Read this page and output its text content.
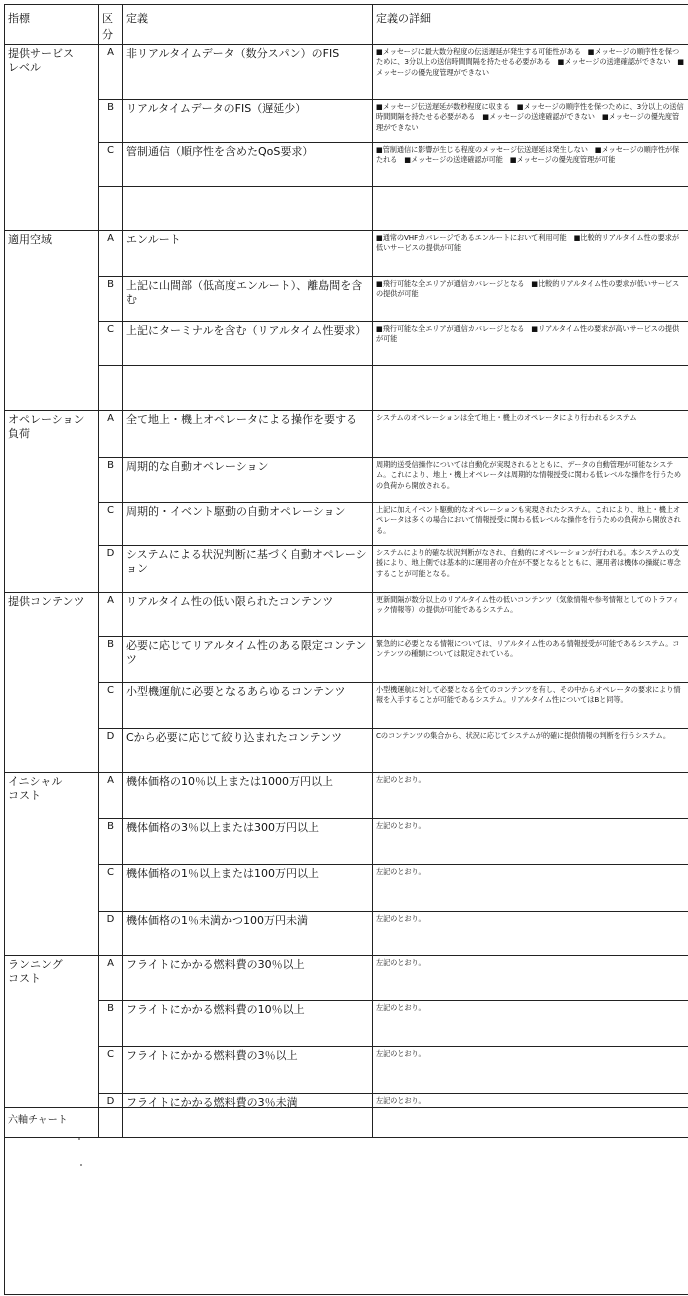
指標	区分	定義	定義の詳細

提供サービス
レベル	A	非リアルタイムデータ（数分スパン）のFIS	■メッセージに最大数分程度の伝送遅延が発生する可能性がある　■メッセージの順序性を保つために、3分以上の送信時間間隔を持たせる必要がある　■メッセージの送達確認ができない　■メッセージの優先度管理ができない
	B	リアルタイムデータのFIS（遅延少）	■メッセージ伝送遅延が数秒程度に収まる　■メッセージの順序性を保つために、3分以上の送信時間間隔を持たせる必要がある　■メッセージの送達確認ができない　■メッセージの優先度管理ができない
	C	管制通信（順序性を含めたQoS要求）	■管制通信に影響が生じる程度のメッセージ伝送遅延は発生しない　■メッセージの順序性が保たれる　■メッセージの送達確認が可能　■メッセージの優先度管理が可能

適用空域	A	エンルート	■通常のVHFカバレージであるエンルートにおいて利用可能　■比較的リアルタイム性の要求が低いサービスの提供が可能
	B	上記に山間部（低高度エンルート）、離島間を含む	■飛行可能な全エリアが通信カバレージとなる　■比較的リアルタイム性の要求が低いサービスの提供が可能
	C	上記にターミナルを含む（リアルタイム性要求）	■飛行可能な全エリアが通信カバレージとなる　■リアルタイム性の要求が高いサービスの提供が可能

オペレーション
負荷	A	全て地上・機上オペレータによる操作を要する	システムのオペレーションは全て地上・機上のオペレータにより行われるシステム
	B	周期的な自動オペレーション	周期的送受信操作については自動化が実現されるとともに、データの自動管理が可能なシステム。これにより、地上・機上オペレータは周期的な情報授受に関わる低レベルな操作を行うための負荷から開放される。
	C	周期的・イベント駆動の自動オペレーション	上記に加えイベント駆動的なオペレーションも実現されたシステム。これにより、地上・機上オペレータは多くの場合において情報授受に関わる低レベルな操作を行うための負荷から開放される。
	D	システムによる状況判断に基づく自動オペレーション	システムにより的確な状況判断がなされ、自動的にオペレーションが行われる。本システムの支援により、地上側では基本的に運用者の介在が不要となるとともに、運用者は機体の操縦に専念することが可能となる。

提供コンテンツ	A	リアルタイム性の低い限られたコンテンツ	更新間隔が数分以上のリアルタイム性の低いコンテンツ（気象情報や参考情報としてのトラフィック情報等）の提供が可能であるシステム。
	B	必要に応じてリアルタイム性のある限定コンテンツ	緊急的に必要となる情報については、リアルタイム性のある情報授受が可能であるシステム。コンテンツの種類については限定されている。
	C	小型機運航に必要となるあらゆるコンテンツ	小型機運航に対して必要となる全てのコンテンツを有し、その中からオペレータの要求により情報を入手することが可能であるシステム。リアルタイム性についてはBと同等。
	D	Cから必要に応じて絞り込まれたコンテンツ	Cのコンテンツの集合から、状況に応じてシステムが的確に提供情報の判断を行うシステム。

イニシャル
コスト	A	機体価格の10％以上または1000万円以上	左記のとおり。
	B	機体価格の3％以上または300万円以上	左記のとおり。
	C	機体価格の1％以上または100万円以上	左記のとおり。
	D	機体価格の1％未満かつ100万円未満	左記のとおり。

ランニング
コスト	A	フライトにかかる燃料費の30％以上	左記のとおり。
	B	フライトにかかる燃料費の10％以上	左記のとおり。
	C	フライトにかかる燃料費の3％以上	左記のとおり。
	D	フライトにかかる燃料費の3％未満	左記のとおり。
六軸チャート
